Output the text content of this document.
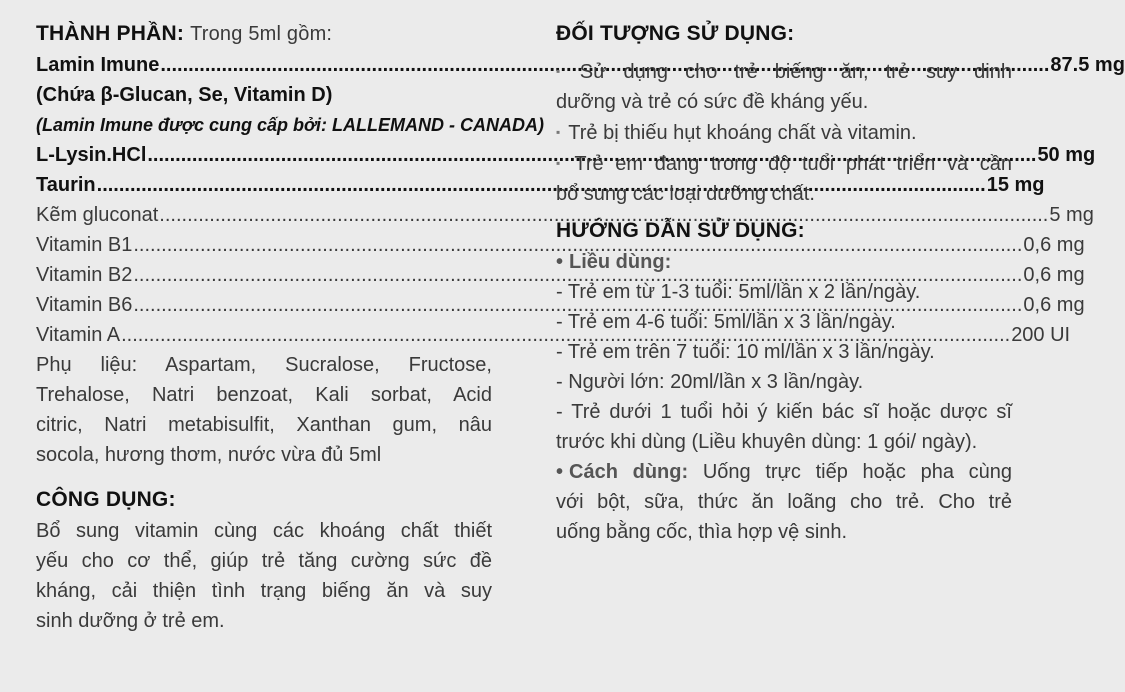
THÀNH PHẦN: Trong 5ml gồm:
Lamin Imune .....	87.5 mg
(Chứa β-Glucan, Se, Vitamin D)
(Lamin Imune được cung cấp bởi: LALLEMAND - CANADA)
L-Lysin.HCl .....	50 mg
Taurin .....	15 mg
Kẽm gluconat .....	5 mg
Vitamin B1 .....	0,6 mg
Vitamin B2 .....	0,6 mg
Vitamin B6 .....	0,6 mg
Vitamin A .....	200 UI
Phụ liệu: Aspartam, Sucralose, Fructose,
Trehalose, Natri benzoat, Kali sorbat, Acid
citric, Natri metabisulfit, Xanthan gum, nâu
socola, hương thơm, nước vừa đủ 5ml
CÔNG DỤNG:
Bổ sung vitamin cùng các khoáng chất thiết
yếu cho cơ thể, giúp trẻ tăng cường sức đề
kháng, cải thiện tình trạng biếng ăn và suy
sinh dưỡng ở trẻ em.
ĐỐI TƯỢNG SỬ DỤNG:
▪ Sử dụng cho trẻ biếng ăn, trẻ suy dinh
dưỡng và trẻ có sức đề kháng yếu.
▪ Trẻ bị thiếu hụt khoáng chất và vitamin.
▪ Trẻ em đang trong độ tuổi phát triển và cần
bổ sung các loại dưỡng chất.
HƯỚNG DẪN SỬ DỤNG:
• Liều dùng:
- Trẻ em từ 1-3 tuổi: 5ml/lần x 2 lần/ngày.
- Trẻ em 4-6 tuổi: 5ml/lần x 3 lần/ngày.
- Trẻ em trên 7 tuổi: 10 ml/lần x 3 lần/ngày.
- Người lớn: 20ml/lần x 3 lần/ngày.
- Trẻ dưới 1 tuổi hỏi ý kiến bác sĩ hoặc dược sĩ
trước khi dùng (Liều khuyên dùng: 1 gói/ ngày).
• Cách dùng: Uống trực tiếp hoặc pha cùng
với bột, sữa, thức ăn loãng cho trẻ. Cho trẻ
uống bằng cốc, thìa hợp vệ sinh.
